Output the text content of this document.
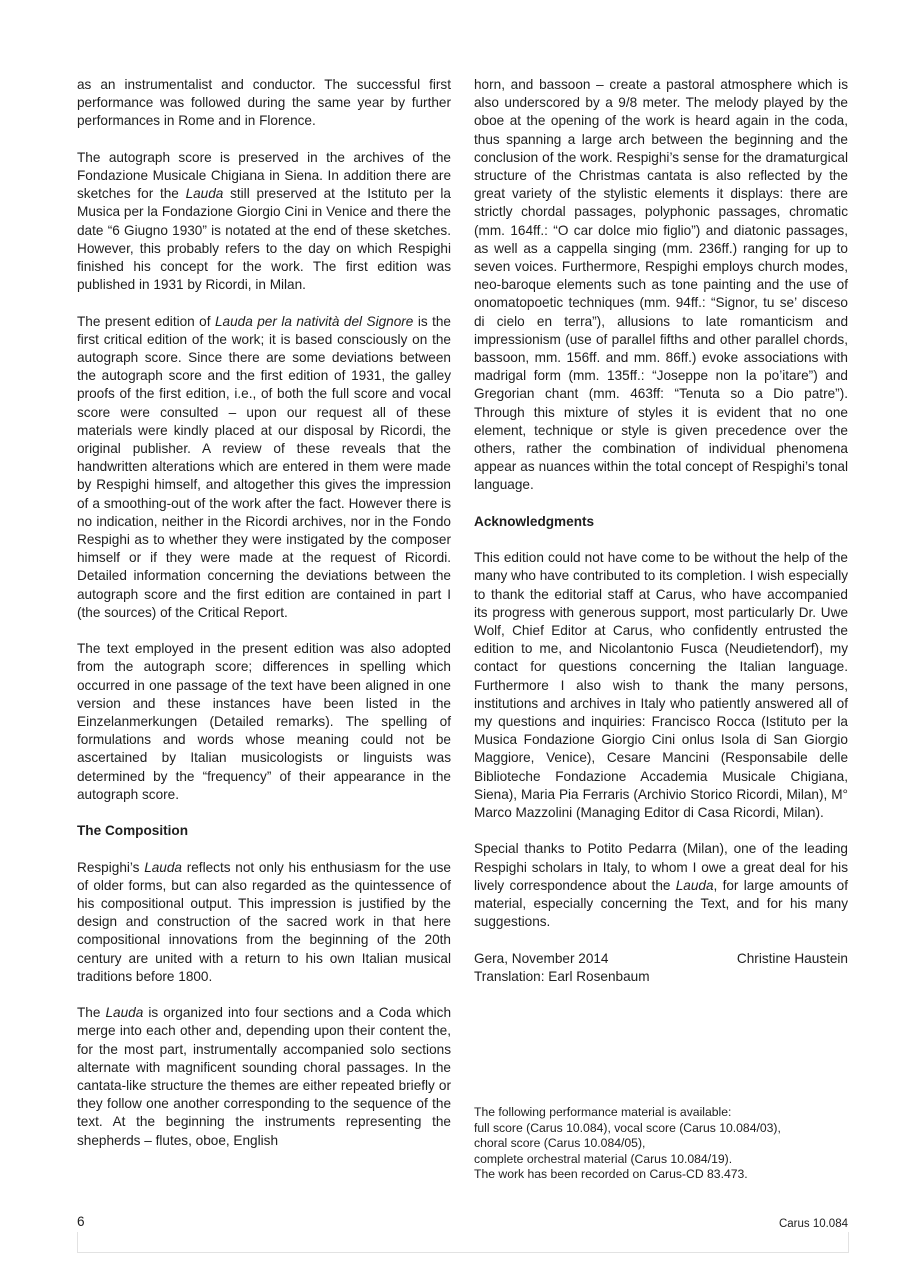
as an instrumentalist and conductor. The successful first performance was followed during the same year by further performances in Rome and in Florence.

The autograph score is preserved in the archives of the Fondazione Musicale Chigiana in Siena. In addition there are sketches for the Lauda still preserved at the Istituto per la Musica per la Fondazione Giorgio Cini in Venice and there the date “6 Giugno 1930” is notated at the end of these sketches. However, this probably refers to the day on which Respighi finished his concept for the work. The first edition was published in 1931 by Ricordi, in Milan.

The present edition of Lauda per la natività del Signore is the first critical edition of the work; it is based consciously on the autograph score. Since there are some deviations between the autograph score and the first edition of 1931, the galley proofs of the first edition, i.e., of both the full score and vocal score were consulted – upon our request all of these materials were kindly placed at our disposal by Ricordi, the original publisher. A review of these reveals that the handwritten alterations which are entered in them were made by Respighi himself, and altogether this gives the impression of a smoothing-out of the work after the fact. However there is no indication, neither in the Ricordi archives, nor in the Fondo Respighi as to whether they were instigated by the composer himself or if they were made at the request of Ricordi. Detailed information concerning the deviations between the autograph score and the first edition are contained in part I (the sources) of the Critical Report.

The text employed in the present edition was also adopted from the autograph score; differences in spelling which occurred in one passage of the text have been aligned in one version and these instances have been listed in the Einzelanmerkungen (Detailed remarks). The spelling of formulations and words whose meaning could not be ascertained by Italian musicologists or linguists was determined by the “frequency” of their appearance in the autograph score.

The Composition

Respighi’s Lauda reflects not only his enthusiasm for the use of older forms, but can also regarded as the quintessence of his compositional output. This impression is justified by the design and construction of the sacred work in that here compositional innovations from the beginning of the 20th century are united with a return to his own Italian musical traditions before 1800.

The Lauda is organized into four sections and a Coda which merge into each other and, depending upon their content the, for the most part, instrumentally accompanied solo sections alternate with magnificent sounding choral passages. In the cantata-like structure the themes are either repeated briefly or they follow one another corresponding to the sequence of the text. At the beginning the instruments representing the shepherds – flutes, oboe, English

horn, and bassoon – create a pastoral atmosphere which is also underscored by a 9/8 meter. The melody played by the oboe at the opening of the work is heard again in the coda, thus spanning a large arch between the beginning and the conclusion of the work. Respighi’s sense for the dramaturgical structure of the Christmas cantata is also reflected by the great variety of the stylistic elements it displays: there are strictly chordal passages, polyphonic passages, chromatic (mm. 164ff.: “O car dolce mio figlio”) and diatonic passages, as well as a cappella singing (mm. 236ff.) ranging for up to seven voices. Furthermore, Respighi employs church modes, neo-baroque elements such as tone painting and the use of onomatopoetic techniques (mm. 94ff.: “Signor, tu se’ disceso di cielo en terra”), allusions to late romanticism and impressionism (use of parallel fifths and other parallel chords, bassoon, mm. 156ff. and mm. 86ff.) evoke associations with madrigal form (mm. 135ff.: “Joseppe non la po’itare”) and Gregorian chant (mm. 463ff: “Tenuta so a Dio patre”). Through this mixture of styles it is evident that no one element, technique or style is given precedence over the others, rather the combination of individual phenomena appear as nuances within the total concept of Respighi’s tonal language.

Acknowledgments

This edition could not have come to be without the help of the many who have contributed to its completion. I wish especially to thank the editorial staff at Carus, who have accompanied its progress with generous support, most particularly Dr. Uwe Wolf, Chief Editor at Carus, who confidently entrusted the edition to me, and Nicolantonio Fusca (Neudietendorf), my contact for questions concerning the Italian language. Furthermore I also wish to thank the many persons, institutions and archives in Italy who patiently answered all of my questions and inquiries: Francisco Rocca (Istituto per la Musica Fondazione Giorgio Cini onlus Isola di San Giorgio Maggiore, Venice), Cesare Mancini (Responsabile delle Biblioteche Fondazione Accademia Musicale Chigiana, Siena), Maria Pia Ferraris (Archivio Storico Ricordi, Milan), M° Marco Mazzolini (Managing Editor di Casa Ricordi, Milan).

Special thanks to Potito Pedarra (Milan), one of the leading Respighi scholars in Italy, to whom I owe a great deal for his lively correspondence about the Lauda, for large amounts of material, especially concerning the Text, and for his many suggestions.

Gera, November 2014	Christine Haustein
Translation: Earl Rosenbaum
The following performance material is available:
full score (Carus 10.084), vocal score (Carus 10.084/03),
choral score (Carus 10.084/05),
complete orchestral material (Carus 10.084/19).
The work has been recorded on Carus-CD 83.473.
6	Carus 10.084
